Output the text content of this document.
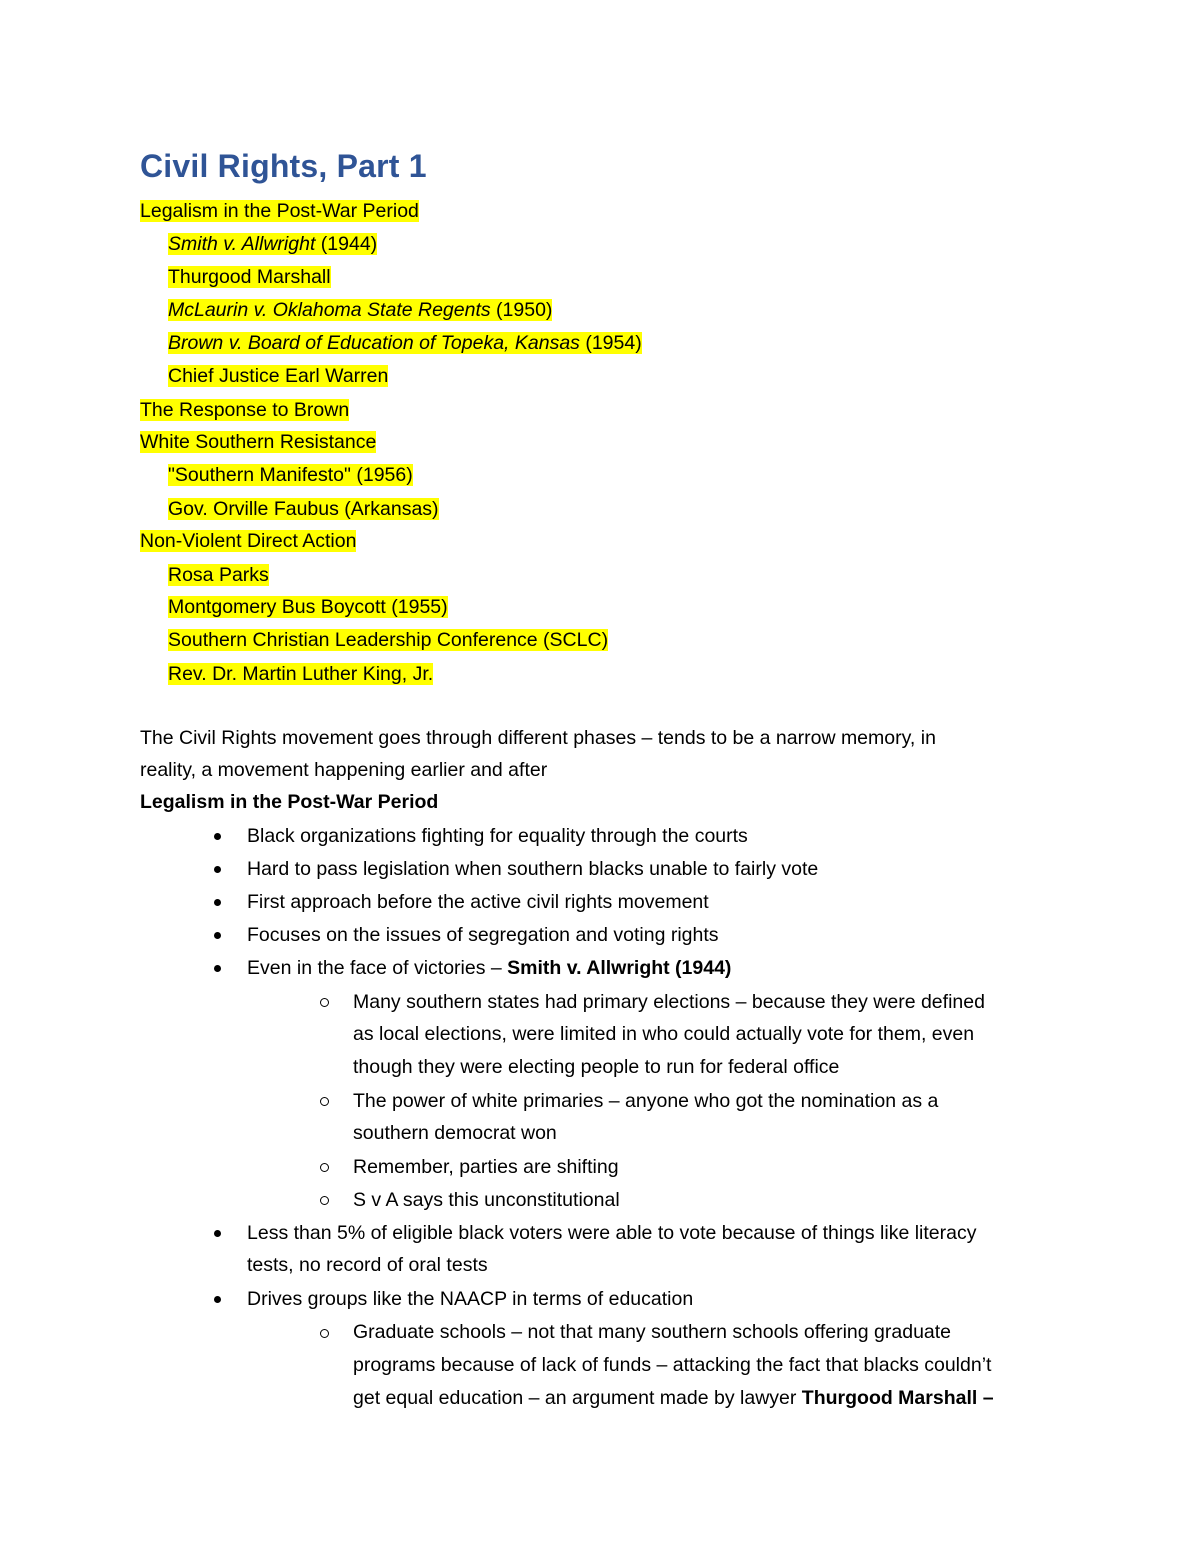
Civil Rights, Part 1
Legalism in the Post-War Period
Smith v. Allwright (1944)
Thurgood Marshall
McLaurin v. Oklahoma State Regents (1950)
Brown v. Board of Education of Topeka, Kansas (1954)
Chief Justice Earl Warren
The Response to Brown
White Southern Resistance
"Southern Manifesto" (1956)
Gov. Orville Faubus (Arkansas)
Non-Violent Direct Action
Rosa Parks
Montgomery Bus Boycott (1955)
Southern Christian Leadership Conference (SCLC)
Rev. Dr. Martin Luther King, Jr.
The Civil Rights movement goes through different phases – tends to be a narrow memory, in
reality, a movement happening earlier and after
Legalism in the Post-War Period
Black organizations fighting for equality through the courts
Hard to pass legislation when southern blacks unable to fairly vote
First approach before the active civil rights movement
Focuses on the issues of segregation and voting rights
Even in the face of victories – Smith v. Allwright (1944)
Many southern states had primary elections – because they were defined
as local elections, were limited in who could actually vote for them, even
though they were electing people to run for federal office
The power of white primaries – anyone who got the nomination as a
southern democrat won
Remember, parties are shifting
S v A says this unconstitutional
Less than 5% of eligible black voters were able to vote because of things like literacy
tests, no record of oral tests
Drives groups like the NAACP in terms of education
Graduate schools – not that many southern schools offering graduate
programs because of lack of funds – attacking the fact that blacks couldn’t
get equal education – an argument made by lawyer Thurgood Marshall –
